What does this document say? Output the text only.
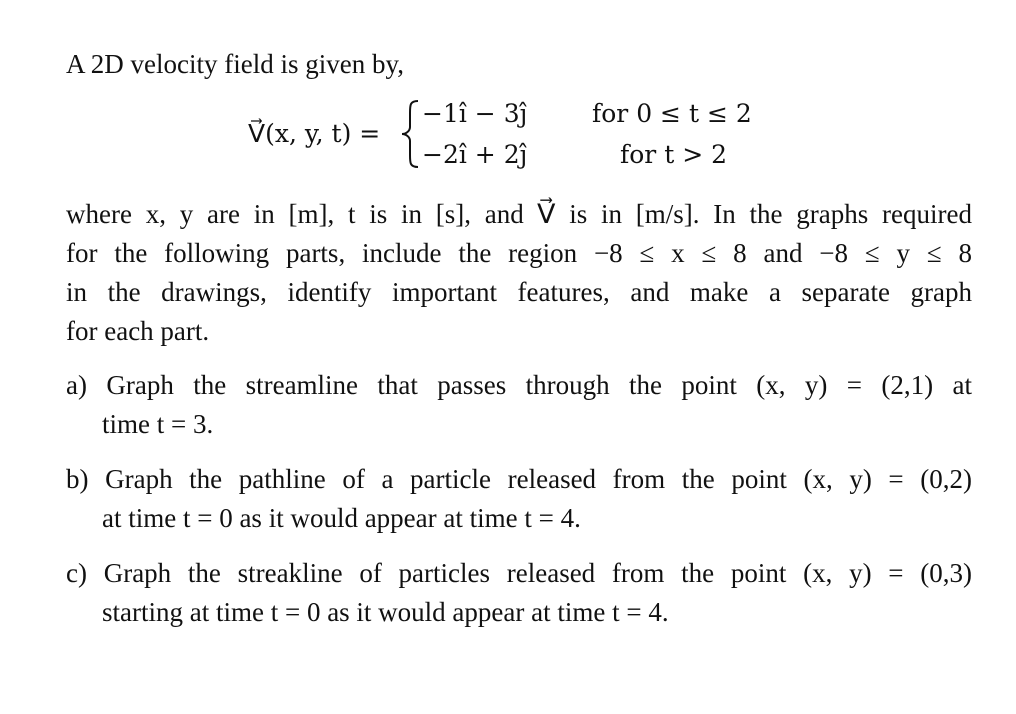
A 2D velocity field is given by,
V⃗(x, y, t) =
−1î − 3ĵ	for 0 ≤ t ≤ 2
−2î + 2ĵ	for t > 2
where x, y are in [m], t is in [s], and V⃗ is in [m/s]. In the graphs required
for the following parts, include the region −8 ≤ x ≤ 8 and −8 ≤ y ≤ 8
in the drawings, identify important features, and make a separate graph
for each part.
a) Graph the streamline that passes through the point (x, y) = (2,1) at
time t = 3.
b) Graph the pathline of a particle released from the point (x, y) = (0,2)
at time t = 0 as it would appear at time t = 4.
c) Graph the streakline of particles released from the point (x, y) = (0,3)
starting at time t = 0 as it would appear at time t = 4.
